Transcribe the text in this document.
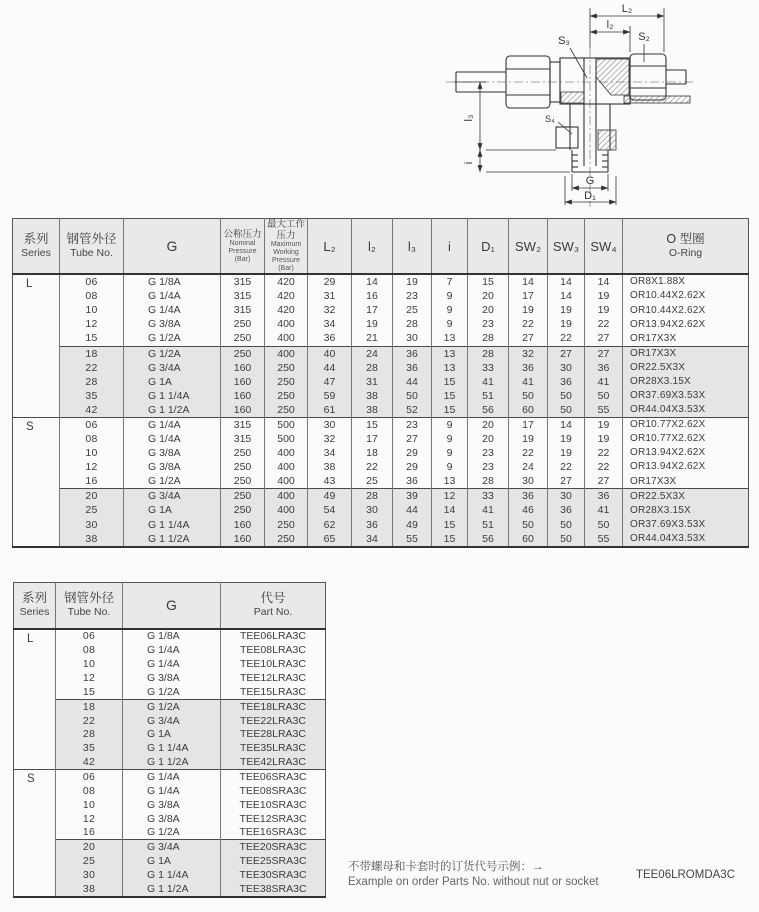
L₂
l₂
S₂
S₃
S₄
l₃
i
G
D₁
系列
Series

钢管外径
Tube No.	G

公称压力
Nominal Pressure (Bar)

最大工作压力
Maximum Working Pressure (Bar)

L₂	l₂	l₃	i	D₁	SW₂	SW₃	SW₄	O 型圈
O-Ring

L	06	G 1/8A	315	420	29	14	19	7	15	14	14	14	OR8X1.88X
	08	G 1/4A	315	420	31	16	23	9	20	17	14	19	OR10.44X2.62X
	10	G 1/4A	315	420	32	17	25	9	20	19	19	19	OR10.44X2.62X
	12	G 3/8A	250	400	34	19	28	9	23	22	19	22	OR13.94X2.62X
	15	G 1/2A	250	400	36	21	30	13	28	27	22	27	OR17X3X
	18	G 1/2A	250	400	40	24	36	13	28	32	27	27	OR17X3X
	22	G 3/4A	160	250	44	28	36	13	33	36	30	36	OR22.5X3X
	28	G 1A	160	250	47	31	44	15	41	41	36	41	OR28X3.15X
	35	G 1 1/4A	160	250	59	38	50	15	51	50	50	50	OR37.69X3.53X
	42	G 1 1/2A	160	250	61	38	52	15	56	60	50	55	OR44.04X3.53X
S	06	G 1/4A	315	500	30	15	23	9	20	17	14	19	OR10.77X2.62X
	08	G 1/4A	315	500	32	17	27	9	20	19	19	19	OR10.77X2.62X
	10	G 3/8A	250	400	34	18	29	9	23	22	19	22	OR13.94X2.62X
	12	G 3/8A	250	400	38	22	29	9	23	24	22	22	OR13.94X2.62X
	16	G 1/2A	250	400	43	25	36	13	28	30	27	27	OR17X3X
	20	G 3/4A	250	400	49	28	39	12	33	36	30	36	OR22.5X3X
	25	G 1A	250	400	54	30	44	14	41	46	36	41	OR28X3.15X
	30	G 1 1/4A	160	250	62	36	49	15	51	50	50	50	OR37.69X3.53X
	38	G 1 1/2A	160	250	65	34	55	15	56	60	50	55	OR44.04X3.53X
系列
Series

钢管外径
Tube No.	G	代号
Part No.

L	06	G 1/8A	TEE06LRA3C
	08	G 1/4A	TEE08LRA3C
	10	G 1/4A	TEE10LRA3C
	12	G 3/8A	TEE12LRA3C
	15	G 1/2A	TEE15LRA3C
	18	G 1/2A	TEE18LRA3C
	22	G 3/4A	TEE22LRA3C
	28	G 1A	TEE28LRA3C
	35	G 1 1/4A	TEE35LRA3C
	42	G 1 1/2A	TEE42LRA3C
S	06	G 1/4A	TEE06SRA3C
	08	G 1/4A	TEE08SRA3C
	10	G 3/8A	TEE10SRA3C
	12	G 3/8A	TEE12SRA3C
	16	G 1/2A	TEE16SRA3C
	20	G 3/4A	TEE20SRA3C
	25	G 1A	TEE25SRA3C
	30	G 1 1/4A	TEE30SRA3C
	38	G 1 1/2A	TEE38SRA3C
不带螺母和卡套时的订货代号示例：→
Example on order Parts No. without nut or socket
TEE06LROMDA3C
